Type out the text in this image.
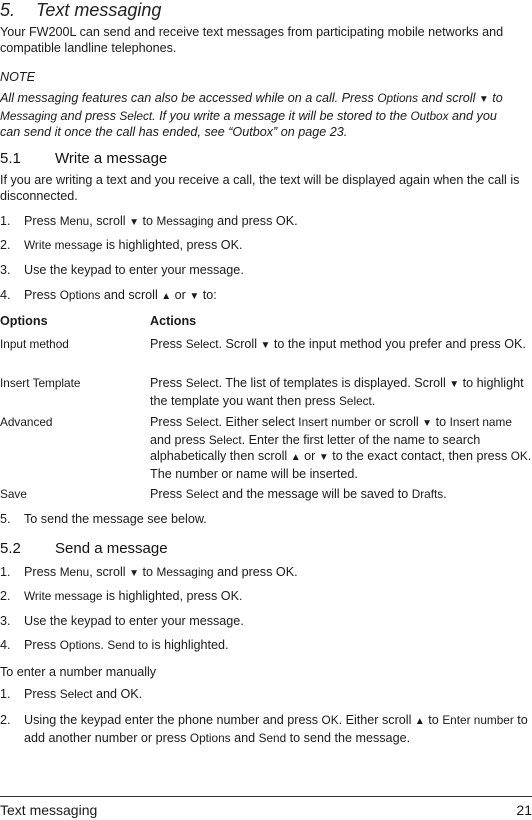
5. Text messaging
Your FW200L can send and receive text messages from participating mobile networks and compatible landline telephones.
NOTE
All messaging features can also be accessed while on a call. Press Options and scroll ▼ to
Messaging and press Select. If you write a message it will be stored to the Outbox and you
can send it once the call has ended, see “Outbox” on page 23.
5.1 Write a message
If you are writing a text and you receive a call, the text will be displayed again when the call is disconnected.
1. Press Menu, scroll ▼ to Messaging and press OK.
2. Write message is highlighted, press OK.
3. Use the keypad to enter your message.
4. Press Options and scroll ▲ or ▼ to:
Options	Actions
Input method	Press Select. Scroll ▼ to the input method you prefer and press OK.
Insert Template	Press Select. The list of templates is displayed. Scroll ▼ to highlight the template you want then press Select.
Advanced	Press Select. Either select Insert number or scroll ▼ to Insert name and press Select. Enter the first letter of the name to search alphabetically then scroll ▲ or ▼ to the exact contact, then press OK. The number or name will be inserted.
Save	Press Select and the message will be saved to Drafts.
5. To send the message see below.
5.2 Send a message
1. Press Menu, scroll ▼ to Messaging and press OK.
2. Write message is highlighted, press OK.
3. Use the keypad to enter your message.
4. Press Options. Send to is highlighted.
To enter a number manually
1. Press Select and OK.
2. Using the keypad enter the phone number and press OK. Either scroll ▲ to Enter number to add another number or press Options and Send to send the message.
Text messaging	21
